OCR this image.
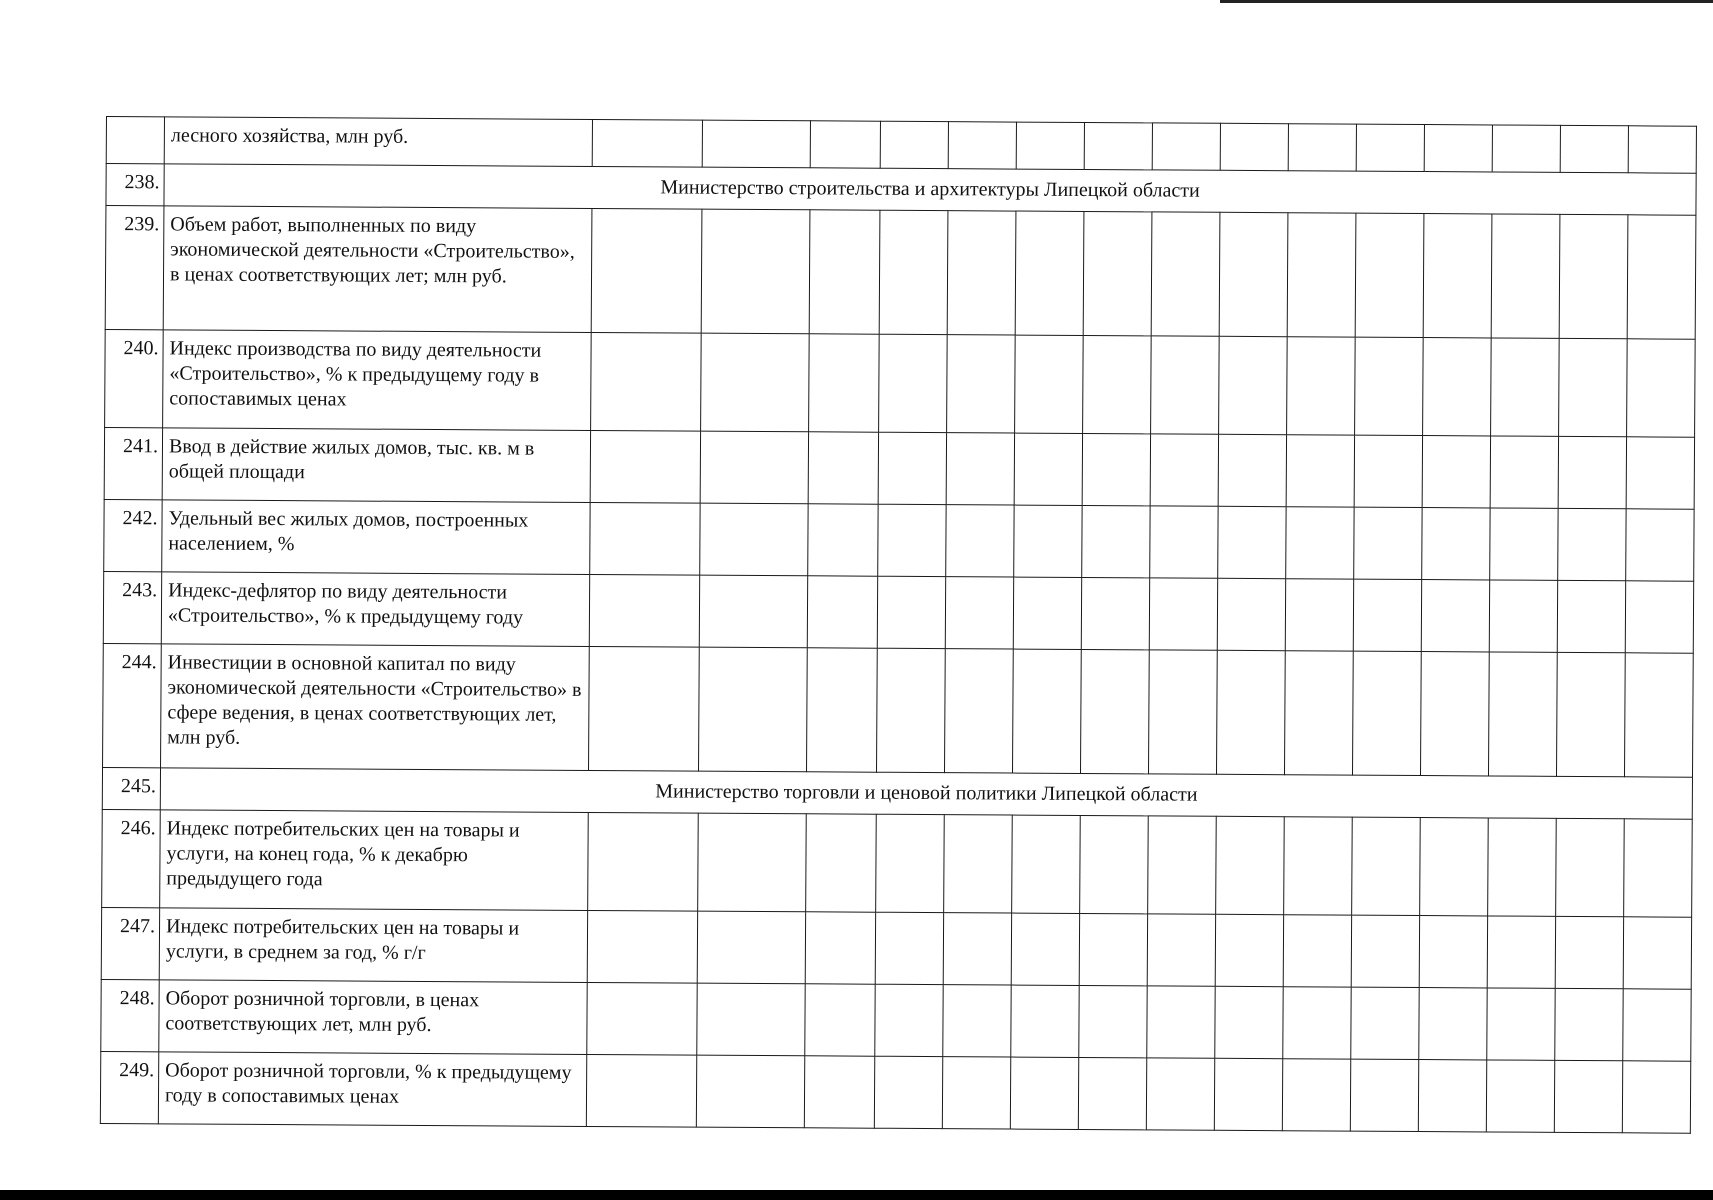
	лесного хозяйства, млн руб.															
238.	Министерство строительства и архитектуры Липецкой области															
239.	Объем работ, выполненных по виду экономической деятельности «Строительство», в ценах соответствующих лет; млн руб.															
240.	Индекс производства по виду деятельности «Строительство», % к предыдущему году в сопоставимых ценах															
241.	Ввод в действие жилых домов, тыс. кв. м в общей площади															
242.	Удельный вес жилых домов, построенных населением, %															
243.	Индекс-дефлятор по виду деятельности «Строительство», % к предыдущему году															
244.	Инвестиции в основной капитал по виду экономической деятельности «Строительство» в сфере ведения, в ценах соответствующих лет, млн руб.															
245.	Министерство торговли и ценовой политики Липецкой области															
246.	Индекс потребительских цен на товары и услуги, на конец года, % к декабрю предыдущего года															
247.	Индекс потребительских цен на товары и услуги, в среднем за год, % г/г															
248.	Оборот розничной торговли, в ценах соответствующих лет, млн руб.															
249.	Оборот розничной торговли, % к предыдущему году в сопоставимых ценах															
